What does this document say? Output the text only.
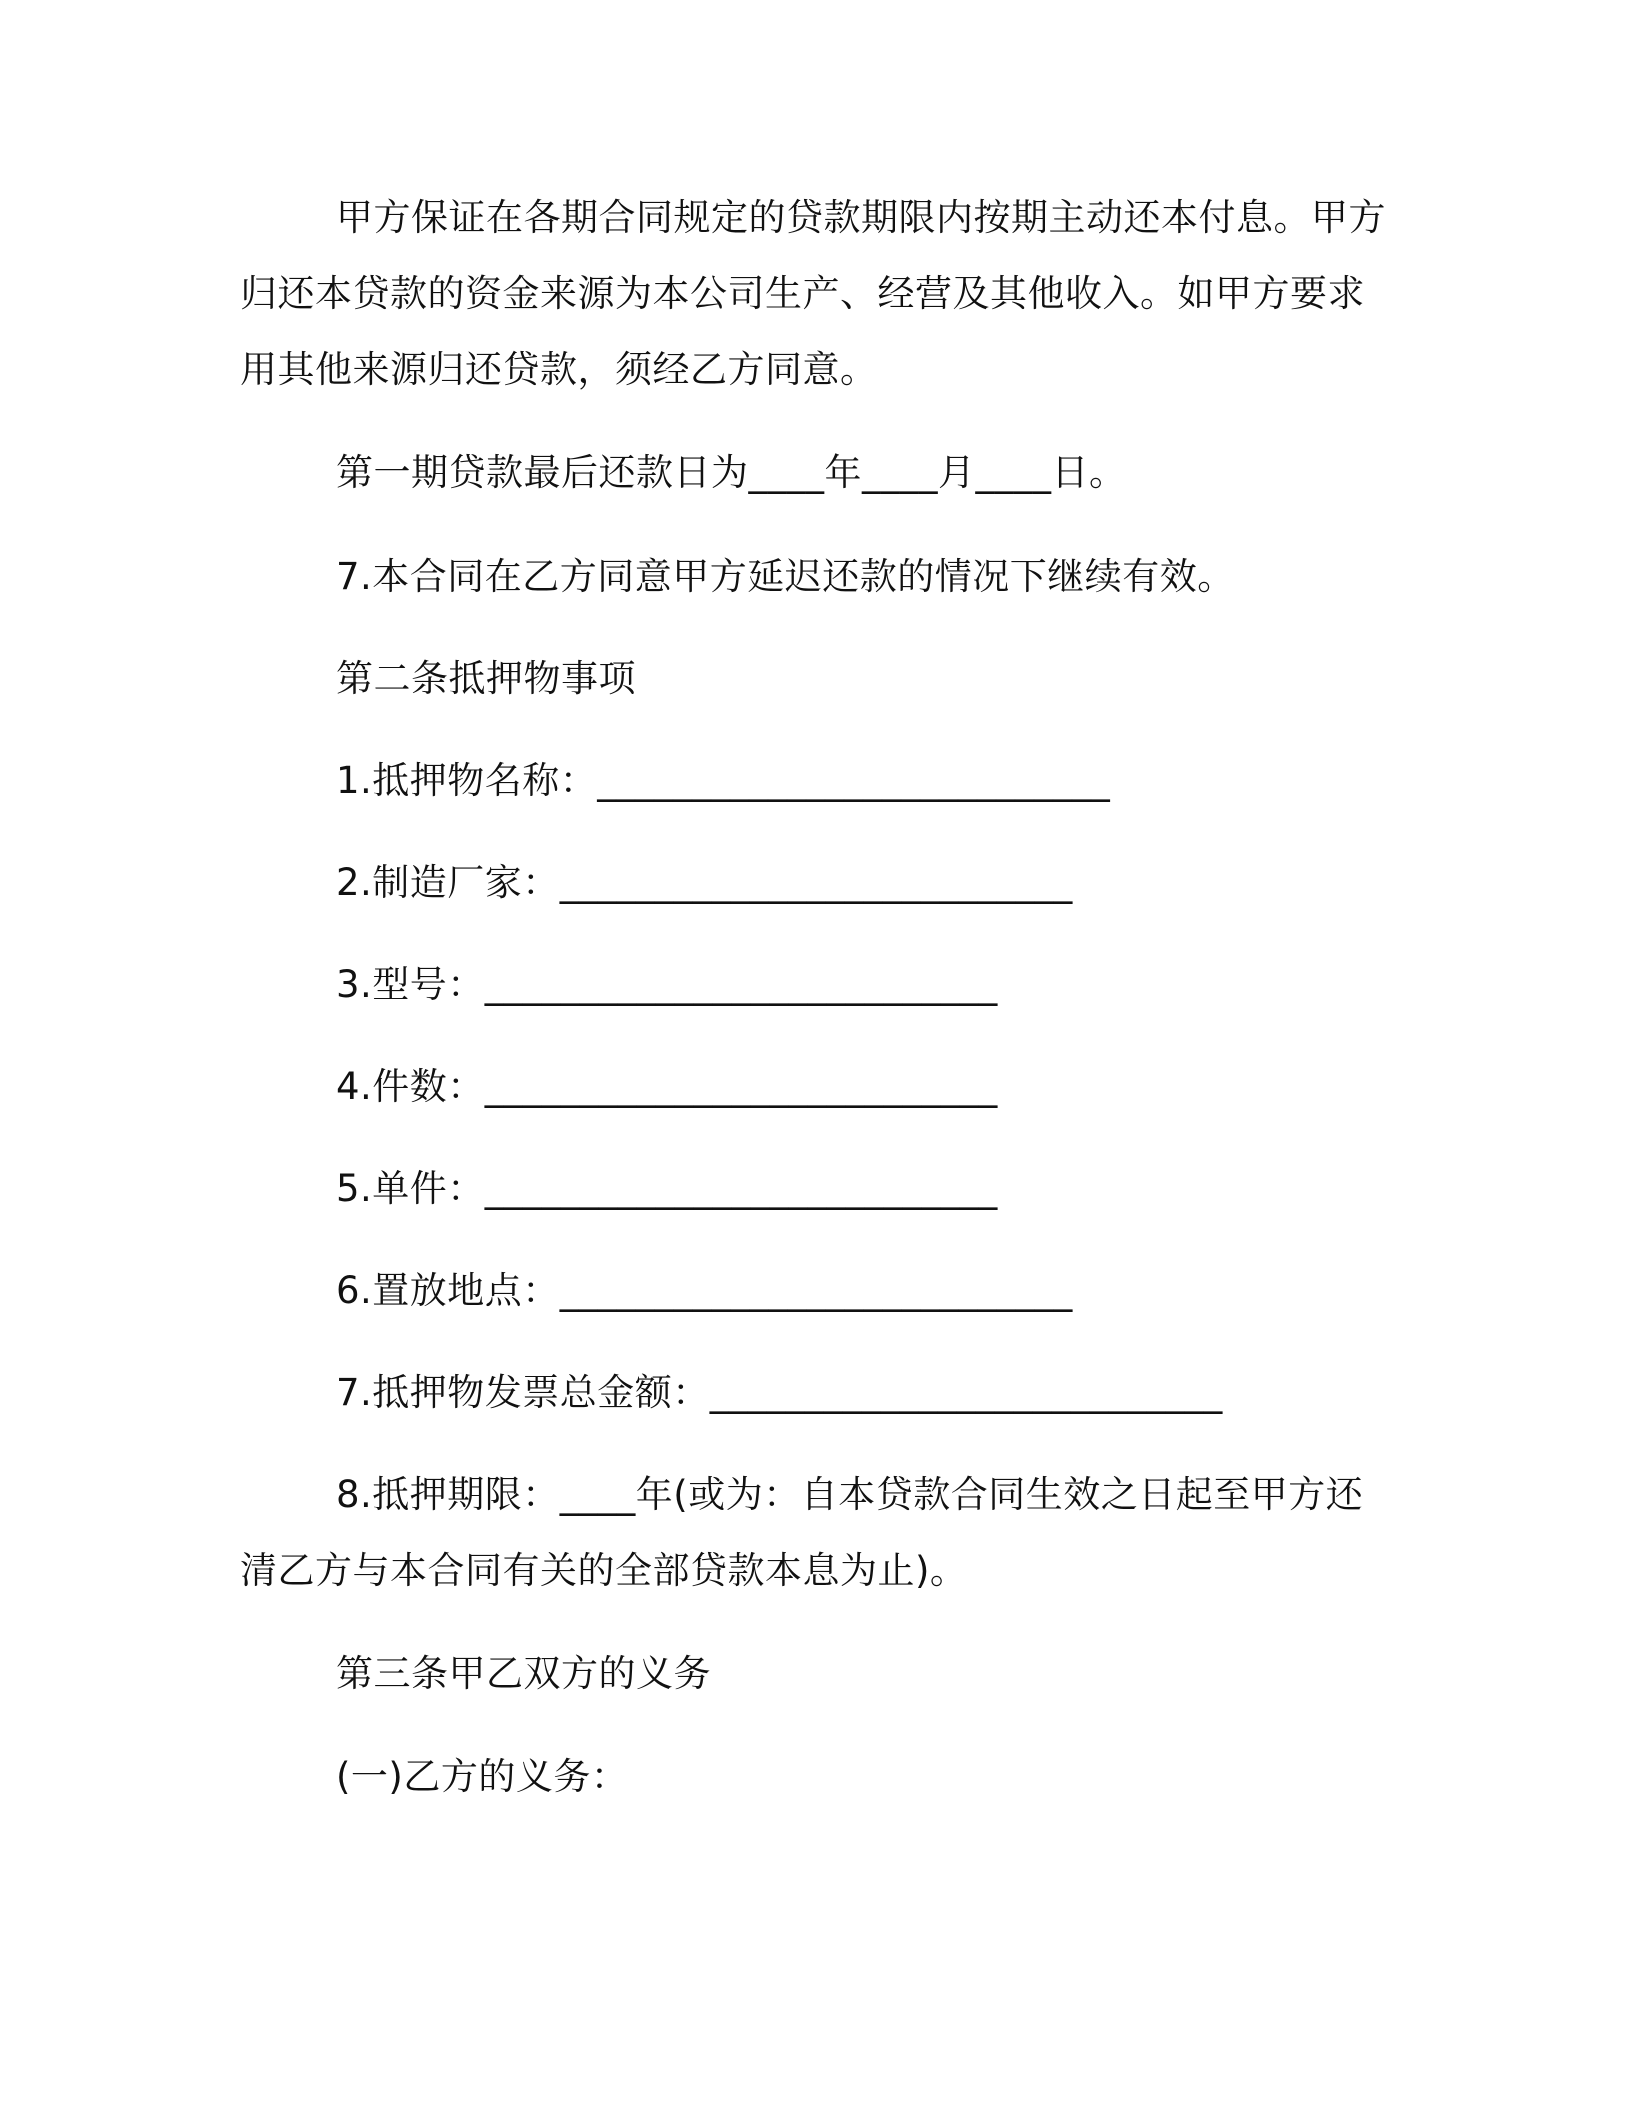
甲方保证在各期合同规定的贷款期限内按期主动还本付息。甲方
归还本贷款的资金来源为本公司生产、经营及其他收入。如甲方要求
用其他来源归还贷款，须经乙方同意。
第一期贷款最后还款日为____年____月____日。
7.本合同在乙方同意甲方延迟还款的情况下继续有效。
第二条抵押物事项
1.抵押物名称：___________________________
2.制造厂家：___________________________
3.型号：___________________________
4.件数：___________________________
5.单件：___________________________
6.置放地点：___________________________
7.抵押物发票总金额：___________________________
8.抵押期限：____年(或为：自本贷款合同生效之日起至甲方还
清乙方与本合同有关的全部贷款本息为止)。
第三条甲乙双方的义务
(一)乙方的义务：
